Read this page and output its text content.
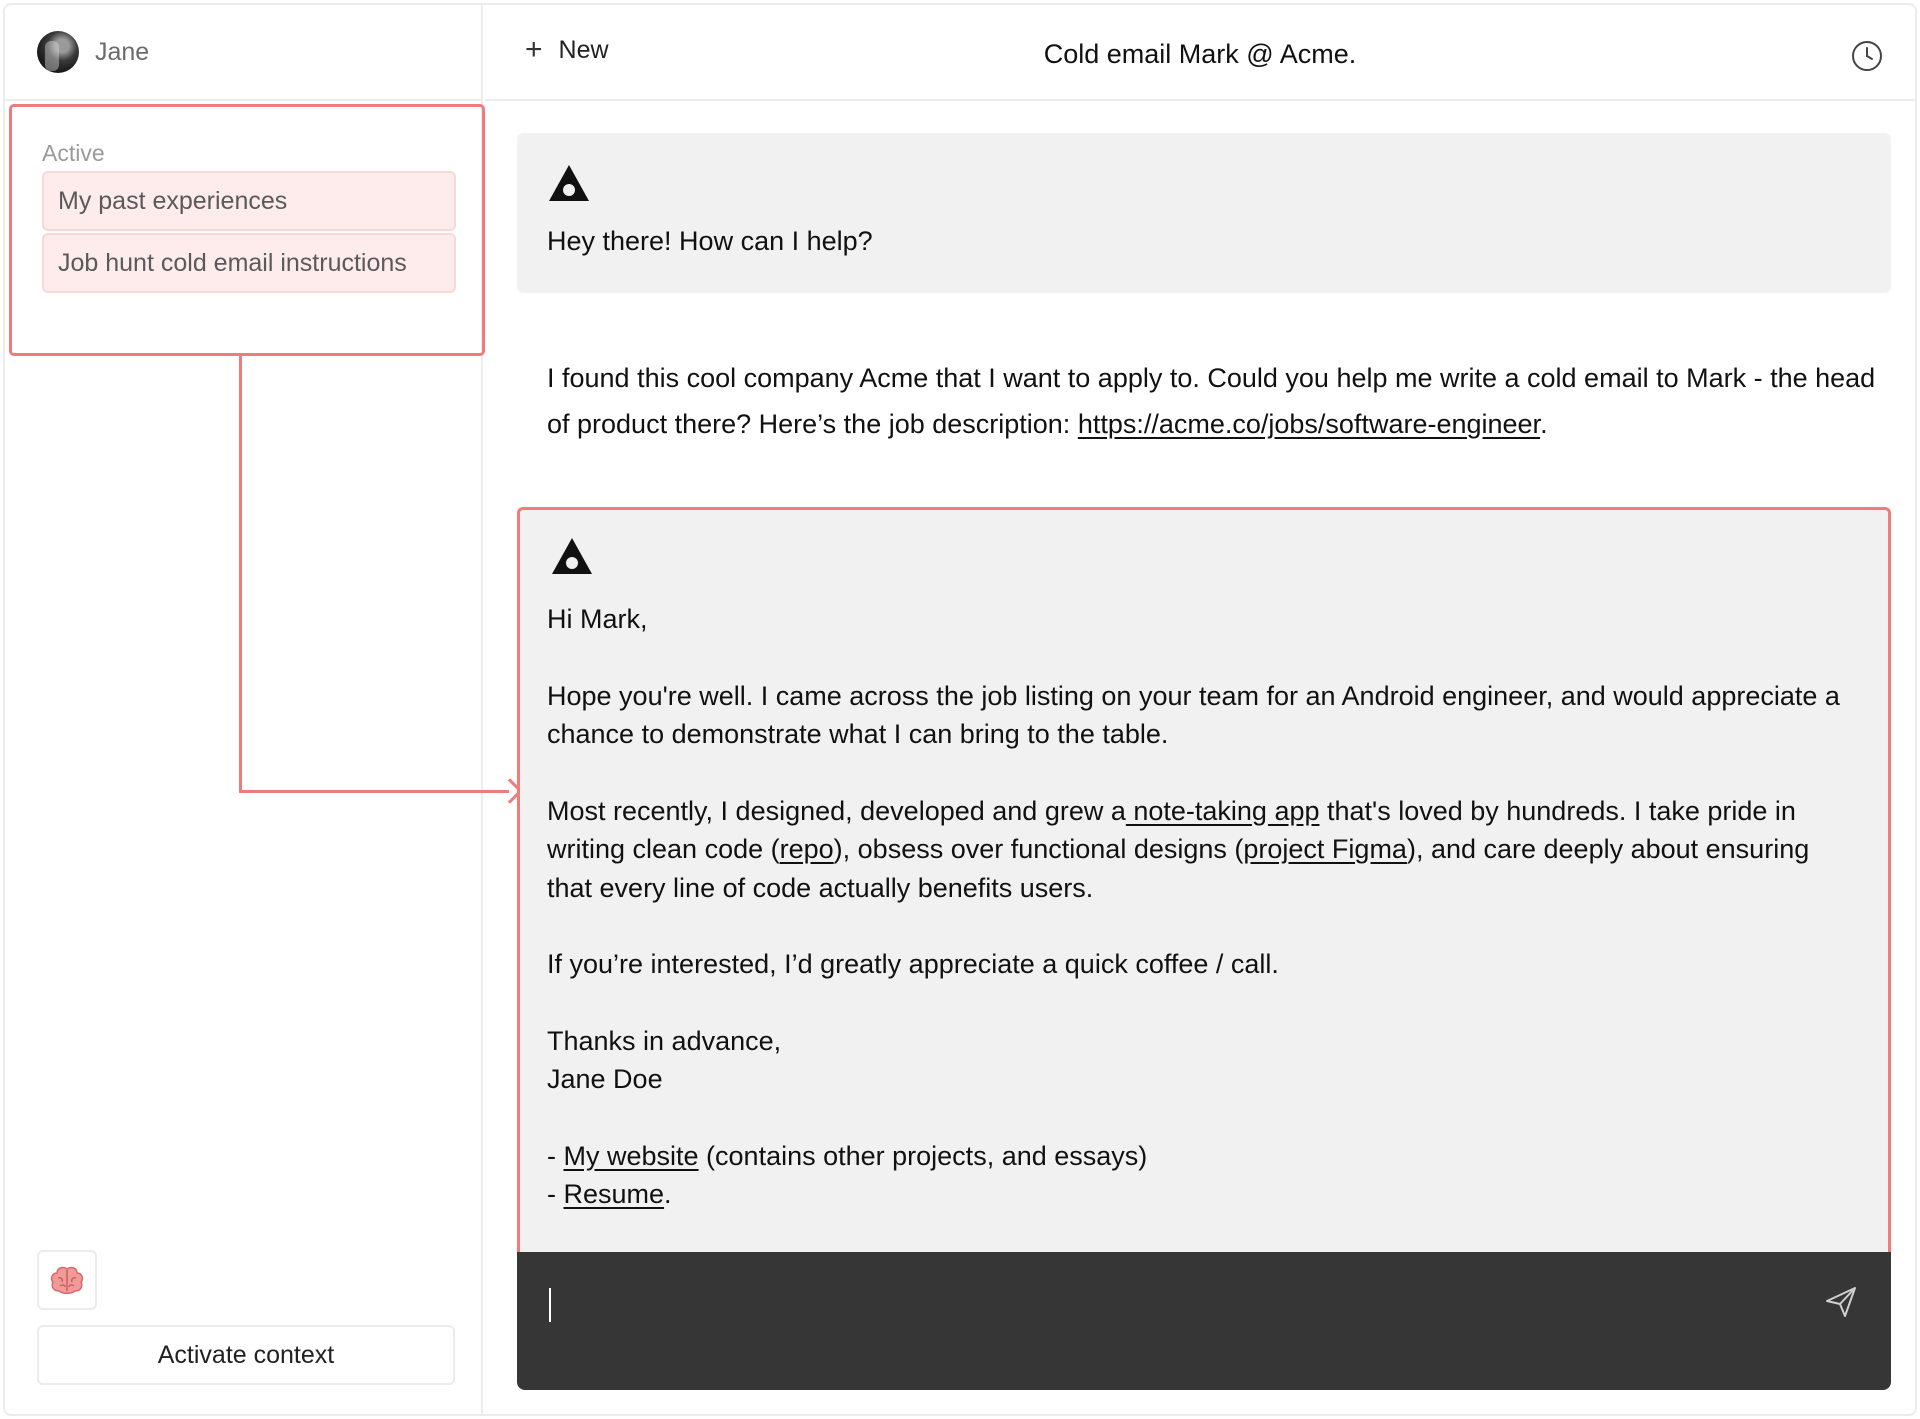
Jane
Active
My past experiences
Job hunt cold email instructions
Activate context
+ New	Cold email Mark @ Acme.
Hey there! How can I help?
I found this cool company Acme that I want to apply to. Could you help me write a cold email to Mark - the head of product there? Here’s the job description: https://acme.co/jobs/software-engineer.

Hi Mark,

Hope you're well. I came across the job listing on your team for an Android engineer, and would appreciate a chance to demonstrate what I can bring to the table.

Most recently, I designed, developed and grew a note-taking app that's loved by hundreds. I take pride in writing clean code (repo), obsess over functional designs (project Figma), and care deeply about ensuring that every line of code actually benefits users.

If you’re interested, I’d greatly appreciate a quick coffee / call.

Thanks in advance,
Jane Doe

- My website (contains other projects, and essays)
- Resume.
